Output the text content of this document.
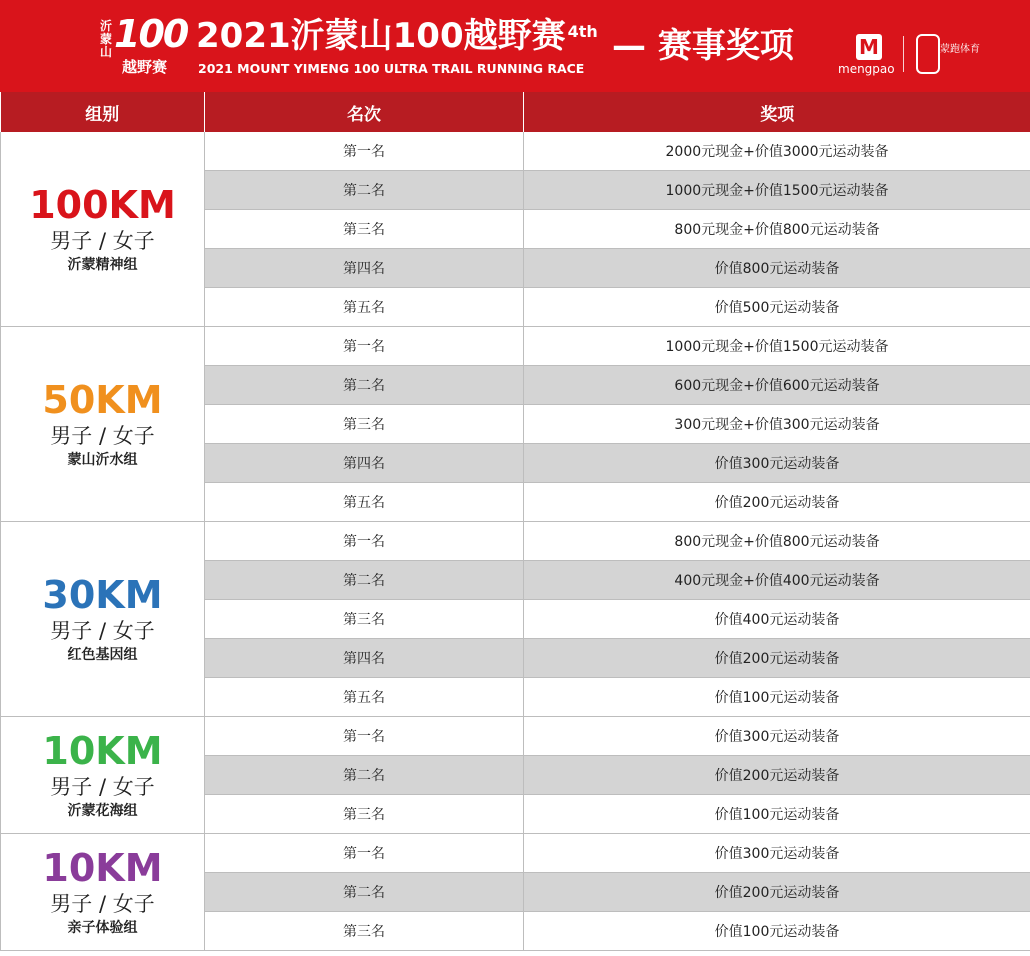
沂蒙山 100
越野赛
2021沂蒙山100越野赛 $^{4th}$ — 赛事奖项
2021 MOUNT YIMENG 100 ULTRA TRAIL RUNNING RACE
M
mengpao
蒙跑体育
组别	名次	奖项

100KM
男子 / 女子
沂蒙精神组	第一名	2000元现金+价值3000元运动装备
	第二名	1000元现金+价值1500元运动装备
	第三名	800元现金+价值800元运动装备
	第四名	价值800元运动装备
	第五名	价值500元运动装备

50KM
男子 / 女子
蒙山沂水组	第一名	1000元现金+价值1500元运动装备
	第二名	600元现金+价值600元运动装备
	第三名	300元现金+价值300元运动装备
	第四名	价值300元运动装备
	第五名	价值200元运动装备

30KM
男子 / 女子
红色基因组	第一名	800元现金+价值800元运动装备
	第二名	400元现金+价值400元运动装备
	第三名	价值400元运动装备
	第四名	价值200元运动装备
	第五名	价值100元运动装备

10KM
男子 / 女子
沂蒙花海组	第一名	价值300元运动装备
	第二名	价值200元运动装备
	第三名	价值100元运动装备

10KM
男子 / 女子
亲子体验组	第一名	价值300元运动装备
	第二名	价值200元运动装备
	第三名	价值100元运动装备
